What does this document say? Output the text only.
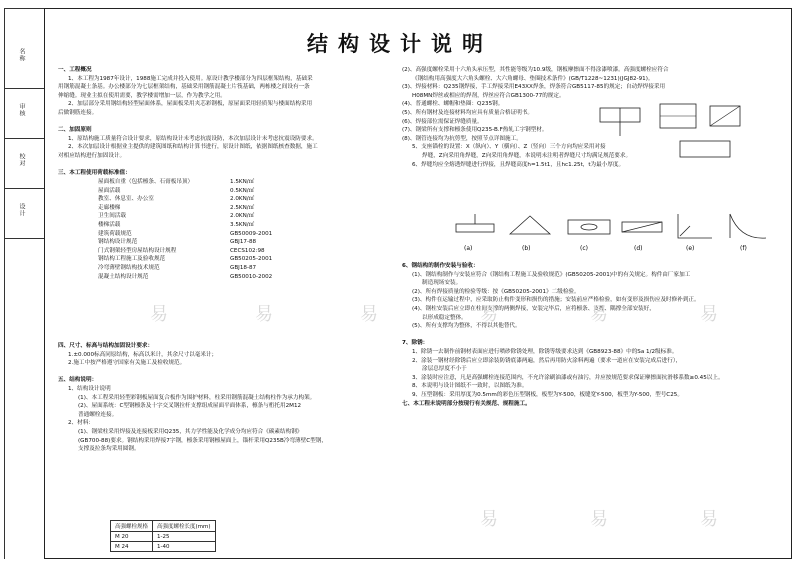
名称
审核
校对
设计
结构设计说明

一、工程概况

1、本工程为1987年设计，1988施工完成并投入使用。原设计教学楼部分为四层框架结构，基础采

用钢筋混凝土条基。办公楼部分为七层框架结构，基础采用钢筋混凝土片筏基础，两栋楼之间设有一条

伸缩缝。现业主拟在使用需要，教学楼需增加一层，作为教学之用。

2、加层部分采用钢结构轻型屋面体系，屋面板采用夹芯彩钢板，原屋面采用轻质架与楼面结构采用

后做钢筋连接。

二、加固原则

1、原结构施工质量符合设计要求，原结构设计未考虑抗震设防，本次加层设计未考虑抗震设防要求。

2、本次加层设计根据业主提供的建筑图纸和结构计算书进行，原设计图纸，依据图纸核查数据，施工

对相应结构进行加固设计。

三、本工程使用荷载标准值：

屋面板自重（包括檩条、石膏板吊顶）	1.5KN/㎡
屋面活载	0.5KN/㎡
教室、休息室、办公室	2.0KN/㎡
走廊楼梯	2.5KN/㎡
卫生间活载	2.0KN/㎡
楼梯活载	3.5KN/㎡
建筑荷载规范	GB50009-2001
钢结构设计规范	GBJ17-88
门式钢架轻型房屋结构设计规程	CECS102:98
钢结构工程施工及验收规范	GB50205-2001
冷弯薄壁钢结构技术规范	GBJ18-87
混凝土结构设计规范	GB50010-2002

四、尺寸、标高与结构加固设计要求：

1.±0.000标高同原结构，标高以米计，其余尺寸以毫米计；

2.施工中按严格遵守国家有关施工及检收规范。

五、结构说明：

1、结构设计说明

(1)、本工程采用轻型彩钢板屋面复合板作为围护材料，柱采用钢筋混凝土结构柱作为承力构架。

(2)、屋面系统：C型钢檩条及十字交叉钢拉杆支撑组成屋面平面体系，檩条与桁托用2M12

普通螺栓连接。

2、材料：

(1)、钢梁柱采用焊接及连接板采用Q235，其力学性能及化学成分均应符合《碳素结构钢》

(GB700-88)要求。钢结构采用焊接7字钢，檩条采用钢檩屋面上，锚杆采用Q235B冷弯薄壁C型钢，

支撑及拉条均采用圆钢。

高强螺栓规格	高强度螺栓长度(mm)
M 20	1-25
M 24	1-40

(2)、高强度螺栓采用十六角头承压型，其性能等级为10.9级，钢板摩擦面不得涂漆喷漆。高强度螺栓应符合

《钢结构用高强度大六角头螺栓、大六角螺母、垫圈技术条件》(GB/T1228~1231)(JGJ82-91)。

(3)、焊接材料：Q235钢焊接，手工焊接采用E43XX焊条，焊条符合GB5117-85的规定；自动焊焊接采用

H08MN焊丝或相应的焊剂，焊丝应符合GB1300-77的规定。

(4)、普通螺栓、螺帽和垫圈：Q235钢。

(5)、所有钢材及连接材料均应具有质量合格证明书。

(6)、焊接部位需保证焊缝质量。

(7)、钢梁所有支撑和檩条使用Q235-B.F热轧工字钢型材。

(8)、钢管连接均为抗剪型，按照节点详图施工。

5、支座锚栓的设置：X（纵向）、Y（横向）、Z（竖向）三个方向均应采用对接

焊缝，Z向采用角焊缝，Z向采用角焊缝，本说明未注明者焊缝尺寸均满足规范要求。

6、焊缝均应全熔透焊缝进行焊接，且焊缝高度h=1.5t1，且hc1.25t，t为最小厚度。

(a)	(b)	(c)	(d)	(e)	(f)

6、钢结构的制作安装与验收：

(1)、钢结构制作与安装应符合《钢结构工程施工及验收规范》(GB50205-2001)中的有关规定。构件由厂家加工

制造现场安装。

(2)、所有焊接质量的检验等级：按《GB50205-2001》二级检验。

(3)、构件在运输过程中，应采取防止构件变形和损伤的措施；安装前应严格检验，如有变形及损伤应及时修补到正。

(4)、钢柱安装后应立即在柱间支撑的两侧焊接，安装完毕后，应将檩条、支撑、隅撑全部安装好，

以形成稳定整体。

(5)、所有支撑均为整体，不得以其他替代。

7、除锈：

1、除锈一去制作前钢材表面应进行喷砂除锈处理，除锈等级要求达到《GB8923-88》中的Sa 1/2级标准。

2、涂装一钢材经除锈后应立即涂装防锈底漆两遍，然后再用防火涂料两遍（要求一道应在安装完成后进行），

涂层总厚度不小于

3、涂装时应注意，凡是高强螺栓连接范围内，不允许涂刷油漆或有油污，并应按规范要求保证摩擦面抗滑移系数≥0.45以上。

8、本说明与设计图纸不一致时，以图纸为准。

9、压型钢板：采用厚度为0.5mm的彩色压型钢板，板型为Y-500，板缝宽Y-500，板型为Y-500，型号C25。

七、本工程未说明部分按现行有关规范、规程施工。

易	易	易	易	易	易
易	易	易
